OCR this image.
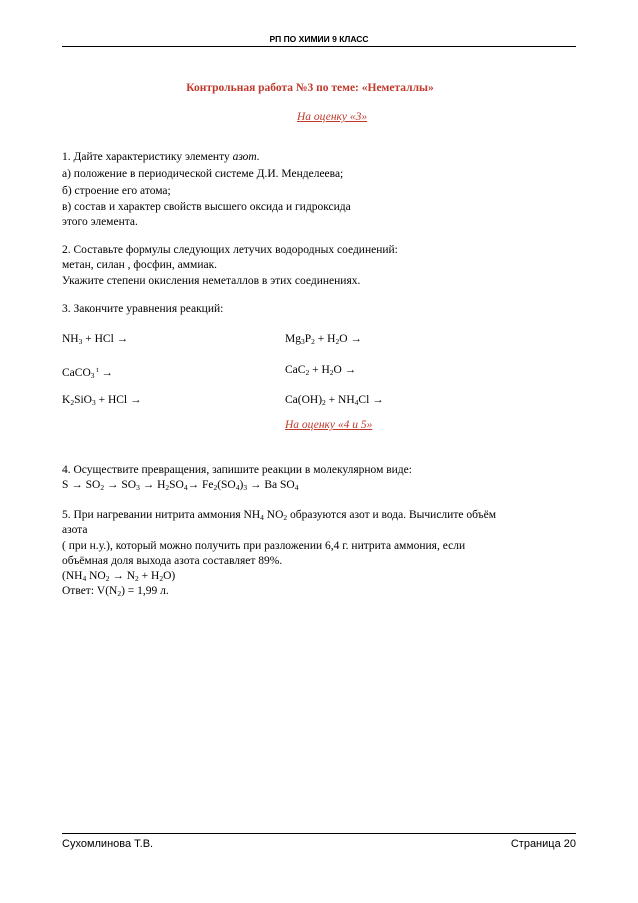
РП ПО ХИМИИ 9 КЛАСС
Контрольная работа №3 по теме: «Неметаллы»
На оценку «3»
1. Дайте характеристику элементу азот.
а) положение в периодической системе Д.И. Менделеева;
б) строение его атома;
в) состав и характер свойств высшего оксида и гидроксида
этого элемента.
2. Составьте формулы следующих летучих водородных соединений:
метан, силан , фосфин, аммиак.
Укажите степени окисления неметаллов в этих соединениях.
3. Закончите уравнения реакций:
$NH_3$ + HCl →	$Mg_3P_2 + H_2O$ →
CaCO$_3$ $^t$ →	$CaC_2 + H_2O$ →
$K_2SiO_3$ + HCl →	$Ca(OH)_2 + NH_4Cl$ →
На оценку «4 и 5»
4. Осуществите превращения, запишите реакции в молекулярном виде:
$S \to SO_2 \to SO_3 \to H_2SO_4\to Fe_2(SO_4)_3 \to Ba$ $SO_4$
5. При нагревании нитрита аммония $NH_4$ $NO_2$ образуются азот и вода. Вычислите объём
азота
( при н.у.), который можно получить при разложении 6,4 г. нитрита аммония, если
объёмная доля выхода азота составляет 89%.
($NH_4$ $NO_2 \to N_2 + H_2O$)
Ответ: $V(N_2) = 1,99$ л.
Сухомлинова Т.В.	Страница 20
